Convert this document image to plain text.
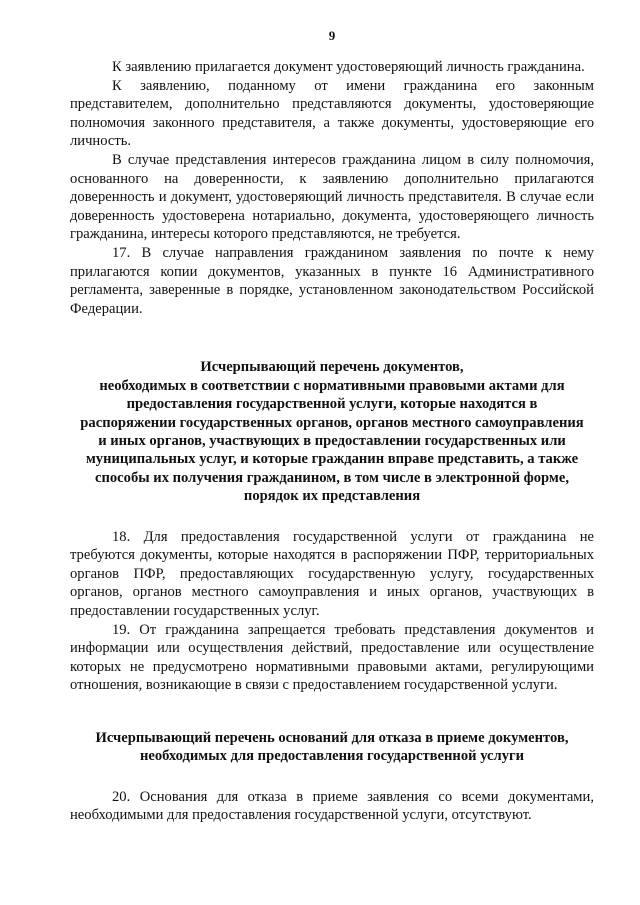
9

К заявлению прилагается документ удостоверяющий личность гражданина.

К заявлению, поданному от имени гражданина его законным представителем, дополнительно представляются документы, удостоверяющие полномочия законного представителя, а также документы, удостоверяющие его личность.

В случае представления интересов гражданина лицом в силу полномочия, основанного на доверенности, к заявлению дополнительно прилагаются доверенность и документ, удостоверяющий личность представителя. В случае если доверенность удостоверена нотариально, документа, удостоверяющего личность гражданина, интересы которого представляются, не требуется.

17. В случае направления гражданином заявления по почте к нему прилагаются копии документов, указанных в пункте 16 Административного регламента, заверенные в порядке, установленном законодательством Российской Федерации.

Исчерпывающий перечень документов,

необходимых в соответствии с нормативными правовыми актами для

предоставления государственной услуги, которые находятся в

распоряжении государственных органов, органов местного самоуправления

и иных органов, участвующих в предоставлении государственных или

муниципальных услуг, и которые гражданин вправе представить, а также

способы их получения гражданином, в том числе в электронной форме,

порядок их представления

18. Для предоставления государственной услуги от гражданина не требуются документы, которые находятся в распоряжении ПФР, территориальных органов ПФР, предоставляющих государственную услугу, государственных органов, органов местного самоуправления и иных органов, участвующих в предоставлении государственных услуг.

19. От гражданина запрещается требовать представления документов и информации или осуществления действий, предоставление или осуществление которых не предусмотрено нормативными правовыми актами, регулирующими отношения, возникающие в связи с предоставлением государственной услуги.

Исчерпывающий перечень оснований для отказа в приеме документов,

необходимых для предоставления государственной услуги

20. Основания для отказа в приеме заявления со всеми документами, необходимыми для предоставления государственной услуги, отсутствуют.
